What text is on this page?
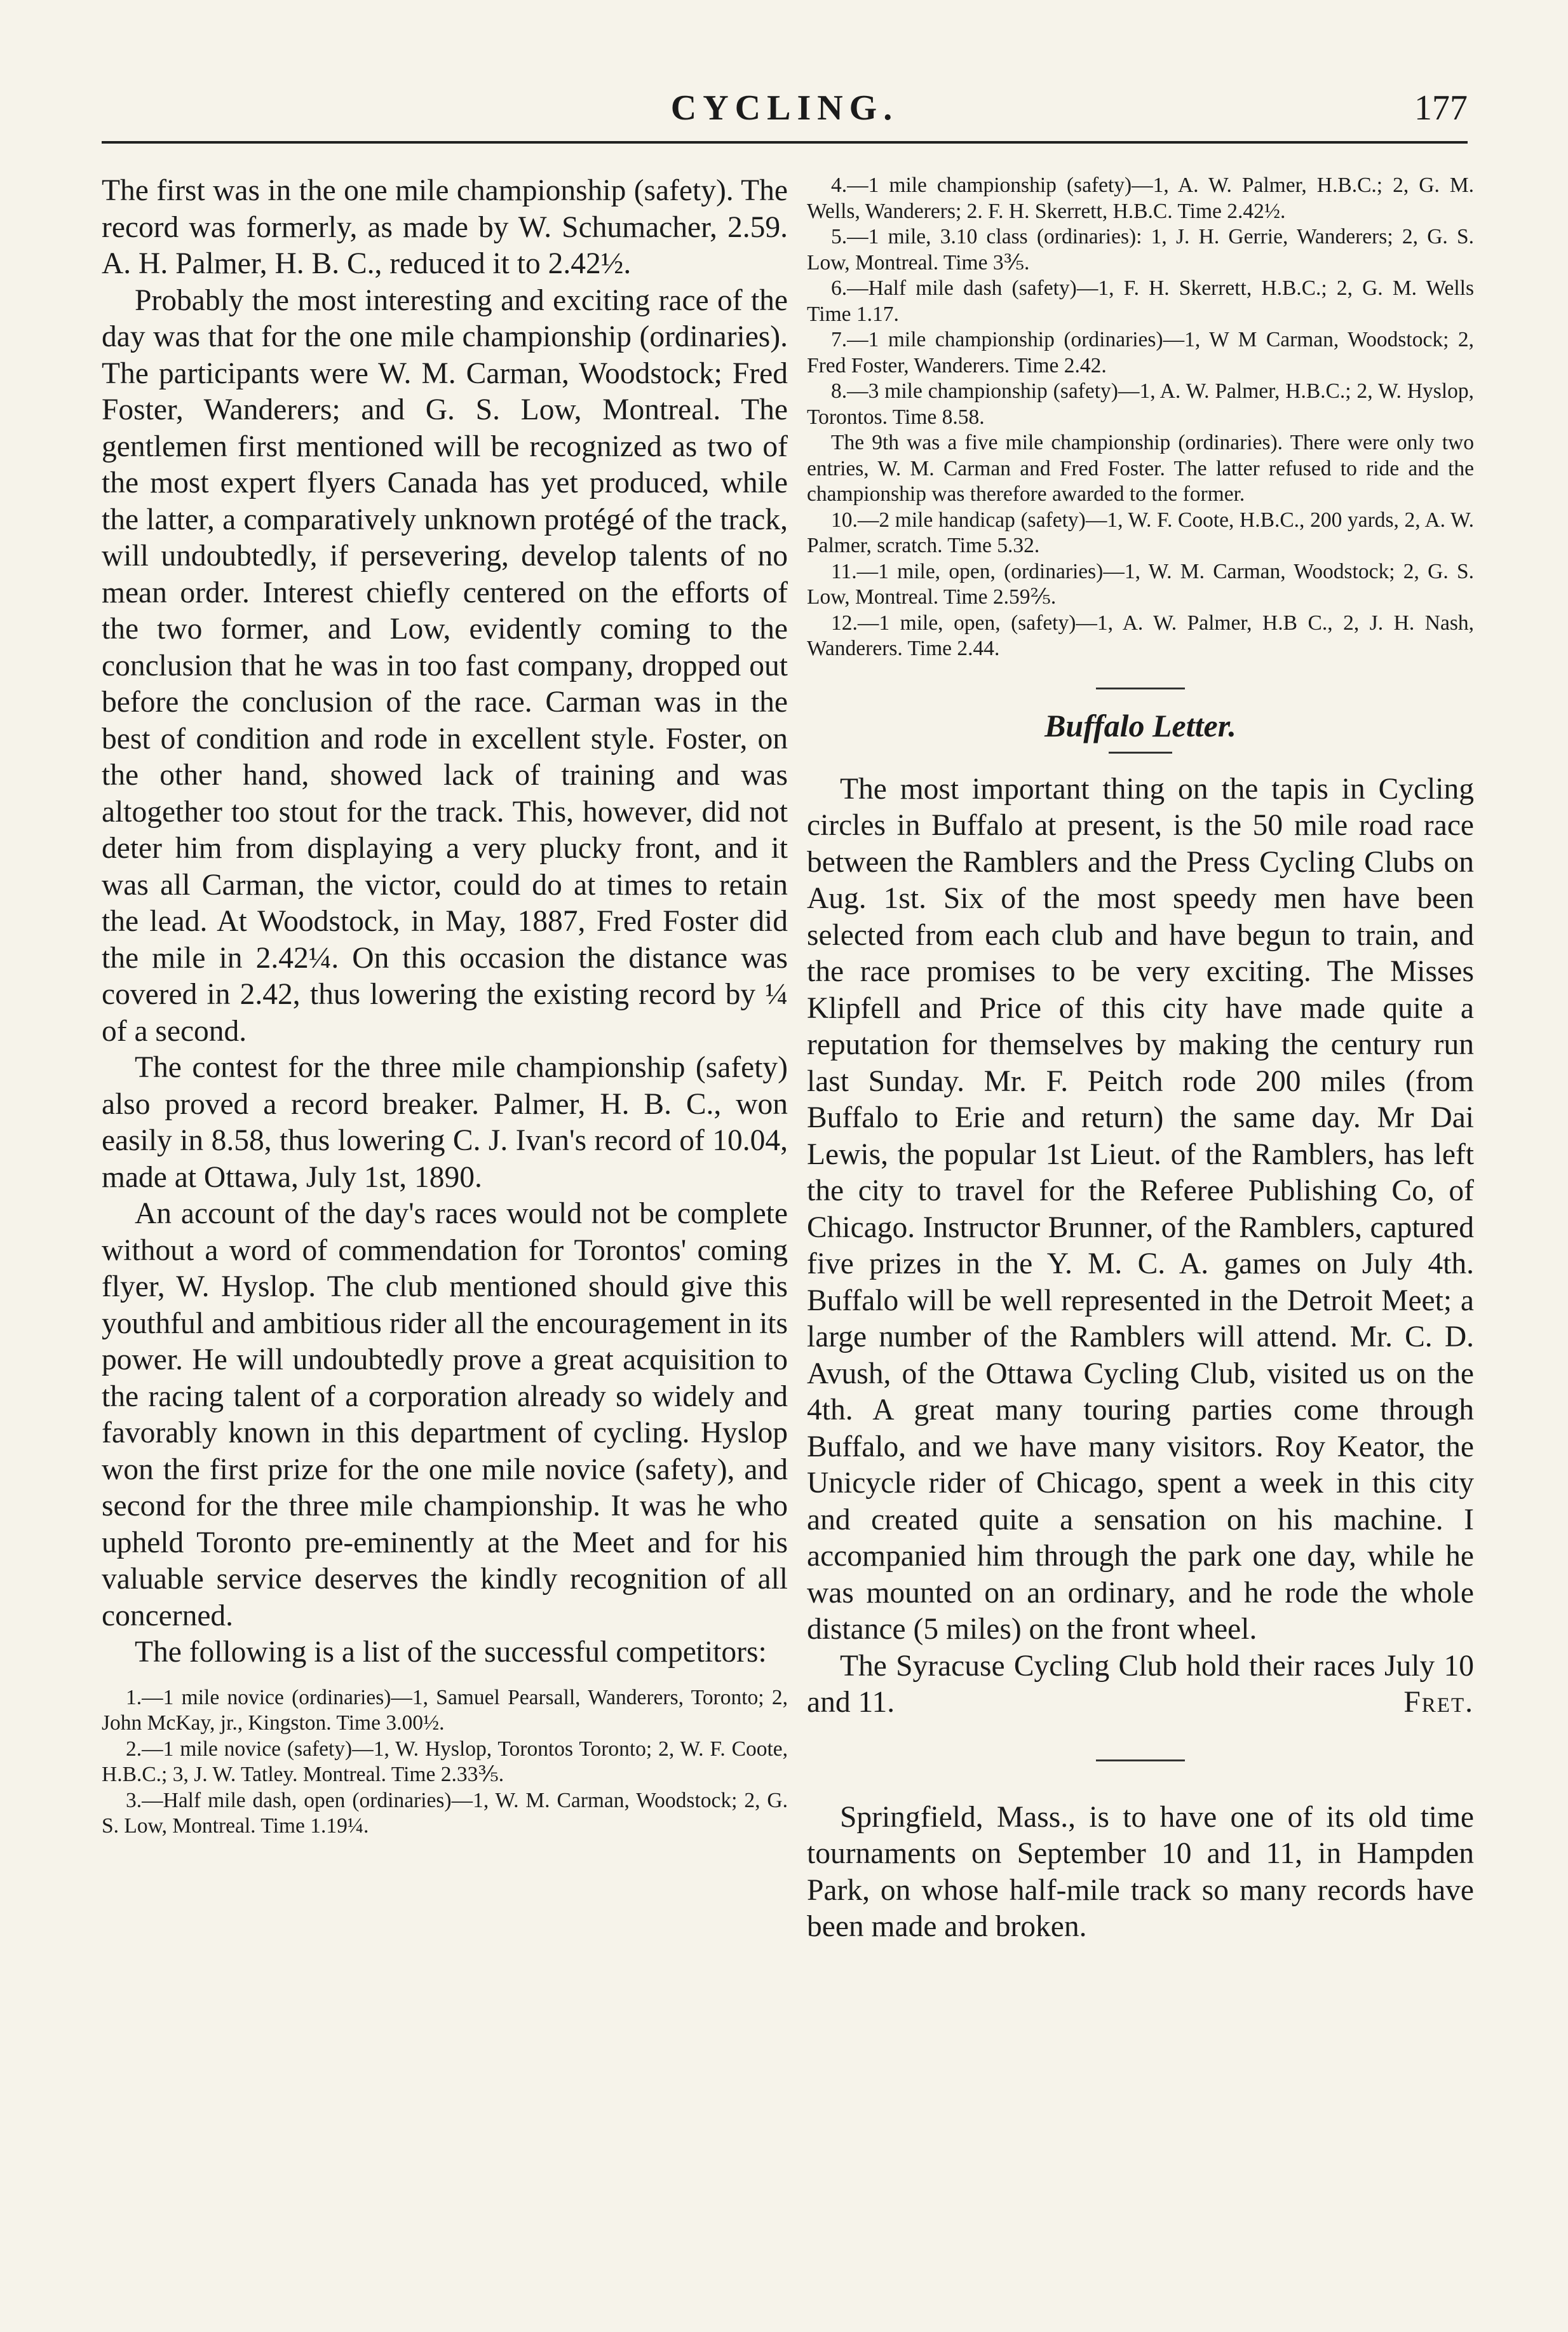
CYCLING.	177

The first was in the one mile championship (safety). The record was formerly, as made by W. Schumacher, 2.59. A. H. Palmer, H. B. C., reduced it to 2.42½.

Probably the most interesting and exciting race of the day was that for the one mile championship (ordinaries). The participants were W. M. Carman, Woodstock; Fred Foster, Wanderers; and G. S. Low, Montreal. The gentlemen first mentioned will be recognized as two of the most expert flyers Canada has yet produced, while the latter, a comparatively unknown protégé of the track, will undoubtedly, if persevering, develop talents of no mean order. Interest chiefly centered on the efforts of the two former, and Low, evidently coming to the conclusion that he was in too fast company, dropped out before the conclusion of the race. Carman was in the best of condition and rode in excellent style. Foster, on the other hand, showed lack of training and was altogether too stout for the track. This, however, did not deter him from displaying a very plucky front, and it was all Carman, the victor, could do at times to retain the lead. At Woodstock, in May, 1887, Fred Foster did the mile in 2.42¼. On this occasion the distance was covered in 2.42, thus lowering the existing record by ¼ of a second.

The contest for the three mile championship (safety) also proved a record breaker. Palmer, H. B. C., won easily in 8.58, thus lowering C. J. Ivan's record of 10.04, made at Ottawa, July 1st, 1890.

An account of the day's races would not be complete without a word of commendation for Torontos' coming flyer, W. Hyslop. The club mentioned should give this youthful and ambitious rider all the encouragement in its power. He will undoubtedly prove a great acquisition to the racing talent of a corporation already so widely and favorably known in this department of cycling. Hyslop won the first prize for the one mile novice (safety), and second for the three mile championship. It was he who upheld Toronto pre-eminently at the Meet and for his valuable service deserves the kindly recognition of all concerned.

The following is a list of the successful competitors:

1.—1 mile novice (ordinaries)—1, Samuel Pearsall, Wanderers, Toronto; 2, John McKay, jr., Kingston. Time 3.00½.

2.—1 mile novice (safety)—1, W. Hyslop, Torontos Toronto; 2, W. F. Coote, H.B.C.; 3, J. W. Tatley. Montreal. Time 2.33⅗.

3.—Half mile dash, open (ordinaries)—1, W. M. Carman, Woodstock; 2, G. S. Low, Montreal. Time 1.19¼.

4.—1 mile championship (safety)—1, A. W. Palmer, H.B.C.; 2, G. M. Wells, Wanderers; 2. F. H. Skerrett, H.B.C. Time 2.42½.

5.—1 mile, 3.10 class (ordinaries): 1, J. H. Gerrie, Wanderers; 2, G. S. Low, Montreal. Time 3⅗.

6.—Half mile dash (safety)—1, F. H. Skerrett, H.B.C.; 2, G. M. Wells Time 1.17.

7.—1 mile championship (ordinaries)—1, W M Carman, Woodstock; 2, Fred Foster, Wanderers. Time 2.42.

8.—3 mile championship (safety)—1, A. W. Palmer, H.B.C.; 2, W. Hyslop, Torontos. Time 8.58.

The 9th was a five mile championship (ordinaries). There were only two entries, W. M. Carman and Fred Foster. The latter refused to ride and the championship was therefore awarded to the former.

10.—2 mile handicap (safety)—1, W. F. Coote, H.B.C., 200 yards, 2, A. W. Palmer, scratch. Time 5.32.

11.—1 mile, open, (ordinaries)—1, W. M. Carman, Woodstock; 2, G. S. Low, Montreal. Time 2.59⅖.

12.—1 mile, open, (safety)—1, A. W. Palmer, H.B C., 2, J. H. Nash, Wanderers. Time 2.44.

Buffalo Letter.

The most important thing on the tapis in Cycling circles in Buffalo at present, is the 50 mile road race between the Ramblers and the Press Cycling Clubs on Aug. 1st. Six of the most speedy men have been selected from each club and have begun to train, and the race promises to be very exciting. The Misses Klipfell and Price of this city have made quite a reputation for themselves by making the century run last Sunday. Mr. F. Peitch rode 200 miles (from Buffalo to Erie and return) the same day. Mr Dai Lewis, the popular 1st Lieut. of the Ramblers, has left the city to travel for the Referee Publishing Co, of Chicago. Instructor Brunner, of the Ramblers, captured five prizes in the Y. M. C. A. games on July 4th. Buffalo will be well represented in the Detroit Meet; a large number of the Ramblers will attend. Mr. C. D. Avush, of the Ottawa Cycling Club, visited us on the 4th. A great many touring parties come through Buffalo, and we have many visitors. Roy Keator, the Unicycle rider of Chicago, spent a week in this city and created quite a sensation on his machine. I accompanied him through the park one day, while he was mounted on an ordinary, and he rode the whole distance (5 miles) on the front wheel.

The Syracuse Cycling Club hold their races July 10 and 11.	Fret.

Springfield, Mass., is to have one of its old time tournaments on September 10 and 11, in Hampden Park, on whose half-mile track so many records have been made and broken.
